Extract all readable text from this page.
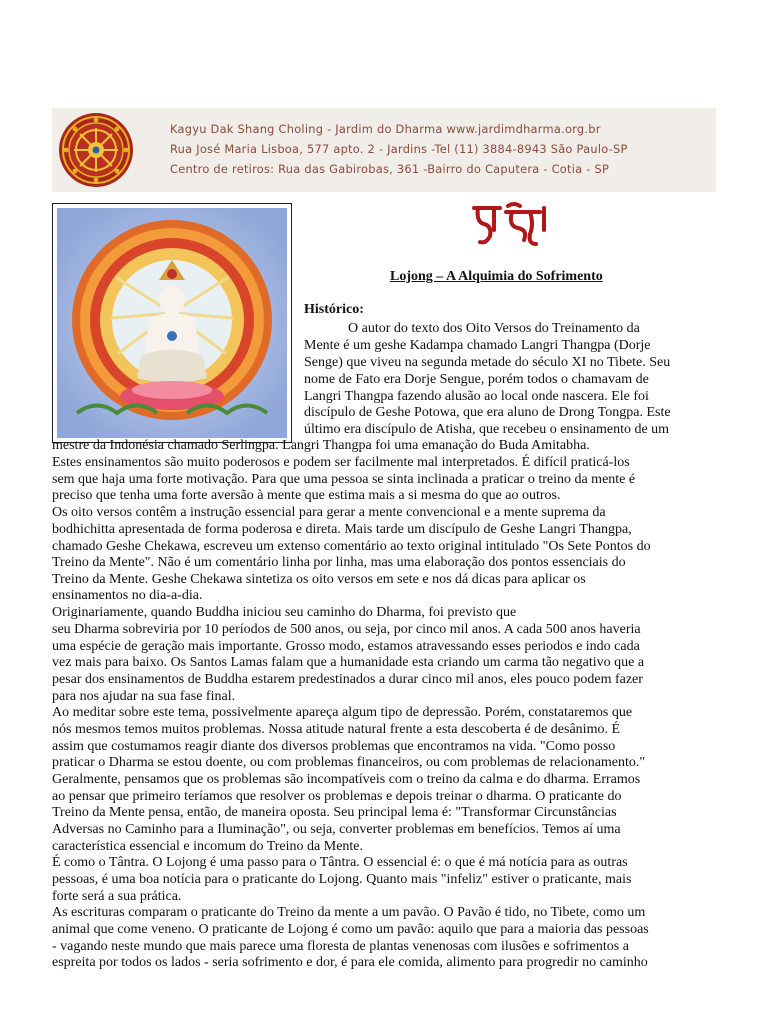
Kagyu Dak Shang Choling - Jardim do Dharma www.jardimdharma.org.br
Rua José Maria Lisboa, 577 apto. 2 - Jardins -Tel (11) 3884-8943 São Paulo-SP
Centro de retiros: Rua das Gabirobas, 361 -Bairro do Caputera - Cotia - SP
Lojong – A Alquimia do Sofrimento
Histórico:
O autor do texto dos Oito Versos do Treinamento da
Mente é um geshe Kadampa chamado Langri Thangpa (Dorje
Senge) que viveu na segunda metade do século XI no Tibete. Seu
nome de Fato era Dorje Sengue, porém todos o chamavam de
Langri Thangpa fazendo alusão ao local onde nascera. Ele foi
discípulo de Geshe Potowa, que era aluno de Drong Tongpa. Este
último era discípulo de Atisha, que recebeu o ensinamento de um
mestre da Indonésia chamado Serlingpa. Langri Thangpa foi uma emanação do Buda Amitabha.
Estes ensinamentos são muito poderosos e podem ser facilmente mal interpretados. É difícil praticá-los
sem que haja uma forte motivação. Para que uma pessoa se sinta inclinada a praticar o treino da mente é
preciso que tenha uma forte aversão à mente que estima mais a si mesma do que ao outros.
Os oito versos contêm a instrução essencial para gerar a mente convencional e a mente suprema da
bodhichitta apresentada de forma poderosa e direta. Mais tarde um discípulo de Geshe Langri Thangpa,
chamado Geshe Chekawa, escreveu um extenso comentário ao texto original intitulado "Os Sete Pontos do
Treino da Mente". Não é um comentário linha por linha, mas uma elaboração dos pontos essenciais do
Treino da Mente. Geshe Chekawa sintetiza os oito versos em sete e nos dá dicas para aplicar os
ensinamentos no dia-a-dia.
Originariamente, quando Buddha iniciou seu caminho do Dharma, foi previsto que
seu Dharma sobreviria por 10 períodos de 500 anos, ou seja, por cinco mil anos. A cada 500 anos haveria
uma espécie de geração mais importante. Grosso modo, estamos atravessando esses periodos e indo cada
vez mais para baixo. Os Santos Lamas falam que a humanidade esta criando um carma tão negativo que a
pesar dos ensinamentos de Buddha estarem predestinados a durar cinco mil anos, eles pouco podem fazer
para nos ajudar na sua fase final.
Ao meditar sobre este tema, possivelmente apareça algum tipo de depressão. Porém, constataremos que
nós mesmos temos muitos problemas. Nossa atitude natural frente a esta descoberta é de desânimo. É
assim que costumamos reagir diante dos diversos problemas que encontramos na vida. "Como posso
praticar o Dharma se estou doente, ou com problemas financeiros, ou com problemas de relacionamento."
Geralmente, pensamos que os problemas são incompatíveis com o treino da calma e do dharma. Erramos
ao pensar que primeiro teríamos que resolver os problemas e depois treinar o dharma. O praticante do
Treino da Mente pensa, então, de maneira oposta. Seu principal lema é: "Transformar Circunstâncias
Adversas no Caminho para a Iluminação", ou seja, converter problemas em benefícios. Temos aí uma
característica essencial e incomum do Treino da Mente.
É como o Tântra. O Lojong é uma passo para o Tântra. O essencial é: o que é má notícia para as outras
pessoas, é uma boa notícia para o praticante do Lojong. Quanto mais "infeliz" estiver o praticante, mais
forte será a sua prática.
As escrituras comparam o praticante do Treino da mente a um pavão. O Pavão é tido, no Tibete, como um
animal que come veneno. O praticante de Lojong é como um pavão: aquilo que para a maioria das pessoas
- vagando neste mundo que mais parece uma floresta de plantas venenosas com ilusões e sofrimentos a
espreita por todos os lados - seria sofrimento e dor, é para ele comida, alimento para progredir no caminho
